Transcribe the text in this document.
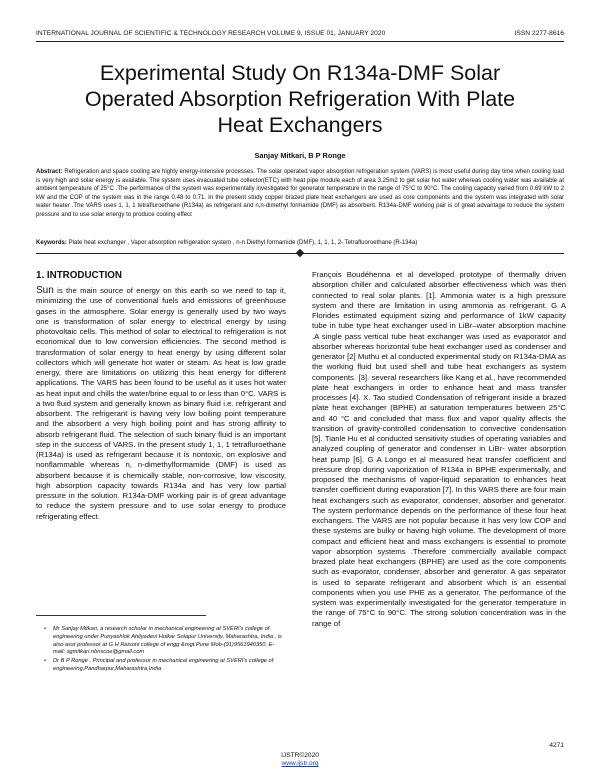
INTERNATIONAL JOURNAL OF SCIENTIFIC & TECHNOLOGY RESEARCH VOLUME 9, ISSUE 01, JANUARY 2020	ISSN 2277-8616
Experimental Study On R134a-DMF Solar
Operated Absorption Refrigeration With Plate
Heat Exchangers
Sanjay Mitkari, B P Ronge
Abstract: Refrigeration and space cooling are highly energy-intensive processes. The solar operated vapor absorption refrigeration system (VARS) is most useful during day time when cooling load is very high and solar energy is available. The system uses evacuated tube collector(ETC) with heat pipe module each of area 3.25m2 to get solar hot water whereas cooling water was available at ambient temperature of 25°C .The performance of the system was experimentally investigated for generator temperature in the range of 75°C to 90°C. The cooling capacity varied from 0.69 kW to 2 kW and the COP of the system was in the range 0.48 to 0.71. In the present study copper brazed plate heat exchangers are used as core components and the system was integrated with solar water heater .The VARS uses 1, 1, 1 tetrafluroethane (R134a) as refrigerant and n,n-dimethyl formamide (DMF) as absorbent. R134a-DMF working pair is of great advantage to reduce the system pressure and to use solar energy to produce cooling effect
Keywords: Plate heat exchanger , Vapor absorption refrigeration system , n-n Diethyl formamide (DMF), 1, 1, 1, 2- Tetrafluoroethane (R-134a)
1. INTRODUCTION

Sun is the main source of energy on this earth so we need to tap it, minimizing the use of conventional fuels and emissions of greenhouse gases in the atmosphere. Solar energy is generally used by two ways one is transformation of solar energy to electrical energy by using photovoltaic cells. This method of solar to electrical to refrigeration is not economical due to low conversion efficiencies. The second method is transformation of solar energy to heat energy by using different solar collectors which will generate hot water or steam. As heat is low grade energy, there are limitations on utilizing this heat energy for different applications. The VARS has been found to be useful as it uses hot water as heat input and chills the water/brine equal to or less than 0°C. VARS is a two fluid system and generally known as binary fluid i.e. refrigerant and absorbent. The refrigerant is having very low boiling point temperature and the absorbent a very high boiling point and has strong affinity to absorb refrigerant fluid. The selection of such binary fluid is an important step in the success of VARS. In the present study 1, 1, 1 tetrafluroethane (R134a) is used as refrigerant because it is nontoxic, on explosive and nonflammable whereas n, n-dimethylformamide (DMF) is used as absorbent because it is chemically stable, non-corrosive, low viscosity, high absorption capacity towards R134a and has very low partial pressure in the solution. R134a-DMF working pair is of great advantage to reduce the system pressure and to use solar energy to produce refrigerating effect.

François Boudéhenna et al developed prototype of thermally driven absorption chiller and calculated absorber effectiveness which was then connected to real solar plants. [1]. Ammonia water is a high pressure system and there are limitation in using ammonia as refrigerant. G A Florides estimated equipment sizing and performance of 1kW capacity tube in tube type heat exchanger used in LiBr–water absorption machine .A single pass vertical tube heat exchanger was used as evaporator and absorber whereas horizontal tube heat exchanger used as condenser and generator [2] Muthu et al conducted experimental study on R134a-DMA as the working fluid but used shell and tube heat exchangers as system components. [3]. several researchers like Kang et al., have recommended plate heat exchangers in order to enhance heat and mass transfer processes [4]. X. Tao studied Condensation of refrigerant inside a brazed plate heat exchanger (BPHE) at saturation temperatures between 25°C and 40 °C and concluded that mass flux and vapor quality affects the transition of gravity-controlled condensation to convective condensation [5]. Tianle Hu et al conducted sensitivity studies of operating variables and analyzed coupling of generator and condenser in LiBr- water absorption heat pump [6]. G A Longo et al measured heat transfer coefficient and pressure drop during vaporization of R134a in BPHE experimentally, and proposed the mechanisms of vapor-liquid separation to enhances heat transfer coefficient during evaporation [7]. In this VARS there are four main heat exchangers such as evaporator, condenser, absorber and generator. The system performance depends on the performance of these four heat exchangers. The VARS are not popular because it has very low COP and these systems are bulky or having high volume. The development of more compact and efficient heat and mass exchangers is essential to promote vapor absorption systems .Therefore commercially available compact brazed plate heat exchangers (BPHE) are used as the core components such as evaporator, condenser, absorber and generator. A gas separator is used to separate refrigerant and absorbent which is an essential components when you use PHE as a generator. The performance of the system was experimentally investigated for the generator temperature in the range of 75°C to 90°C. The strong solution concentration was in the range of

• Mr Sanjay Mitkari, a research scholar in mechanical engineering at SVERI's college of engineering under Punyashlok Ahilyadevi Holkar Solapur University, Maharashtra, India , is also asst professor at G H Raisoni college of engg &mgt.Pune Mob-(91)9561940350, E-mail: sgmitkari.nbnscoe@gmail.com
• Dr B P Ronge , Principal and professor in mechanical engineering at SVERI's college of engineering,Pandharpur,Maharashtra,India
4271
IJSTR©2020
www.ijstr.org
